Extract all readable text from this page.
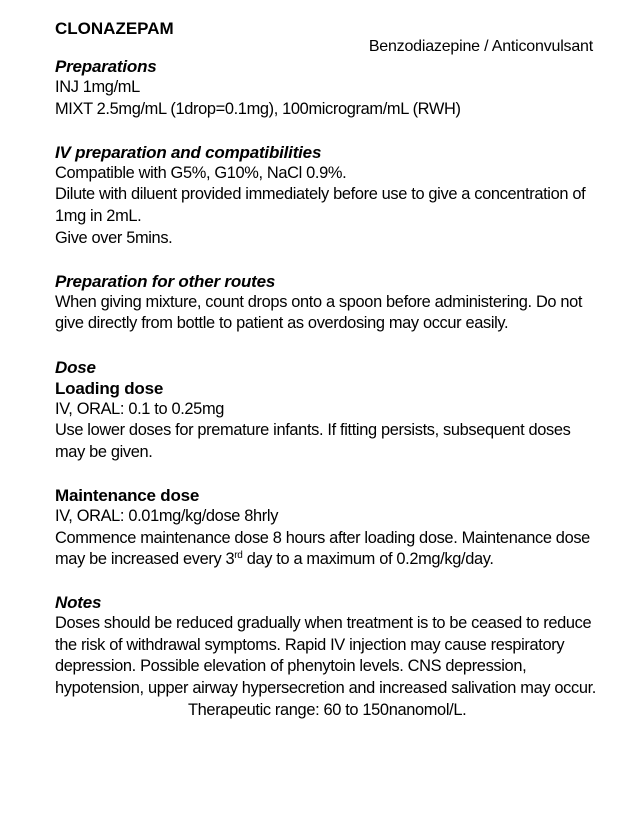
CLONAZEPAM
Benzodiazepine / Anticonvulsant
Preparations
INJ 1mg/mL
MIXT 2.5mg/mL (1drop=0.1mg), 100microgram/mL (RWH)
IV preparation and compatibilities
Compatible with G5%, G10%, NaCl 0.9%.
Dilute with diluent provided immediately before use to give a concentration of
1mg in 2mL.
Give over 5mins.
Preparation for other routes
When giving mixture, count drops onto a spoon before administering. Do not
give directly from bottle to patient as overdosing may occur easily.
Dose
Loading dose
IV, ORAL: 0.1 to 0.25mg
Use lower doses for premature infants. If fitting persists, subsequent doses
may be given.
Maintenance dose
IV, ORAL: 0.01mg/kg/dose 8hrly
Commence maintenance dose 8 hours after loading dose. Maintenance dose
may be increased every 3rd day to a maximum of 0.2mg/kg/day.
Notes
Doses should be reduced gradually when treatment is to be ceased to reduce
the risk of withdrawal symptoms. Rapid IV injection may cause respiratory
depression. Possible elevation of phenytoin levels. CNS depression,
hypotension, upper airway hypersecretion and increased salivation may occur.
Therapeutic range: 60 to 150nanomol/L.
